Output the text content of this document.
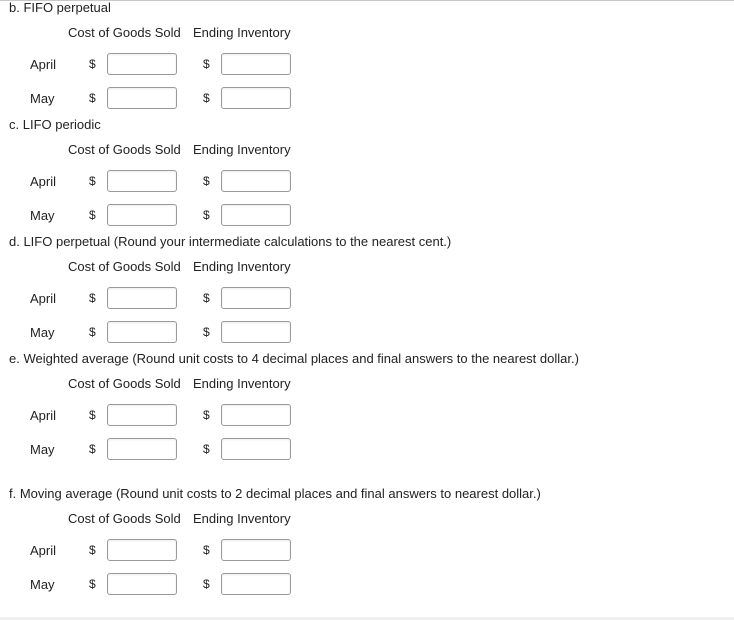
b. FIFO perpetual
Cost of Goods Sold Ending Inventory
April	$	$
May	$	$
c. LIFO periodic
Cost of Goods Sold Ending Inventory
April	$	$
May	$	$
d. LIFO perpetual (Round your intermediate calculations to the nearest cent.)
Cost of Goods Sold Ending Inventory
April	$	$
May	$	$
e. Weighted average (Round unit costs to 4 decimal places and final answers to the nearest dollar.)
Cost of Goods Sold Ending Inventory
April	$	$
May	$	$
f. Moving average (Round unit costs to 2 decimal places and final answers to nearest dollar.)
Cost of Goods Sold Ending Inventory
April	$	$
May	$	$
